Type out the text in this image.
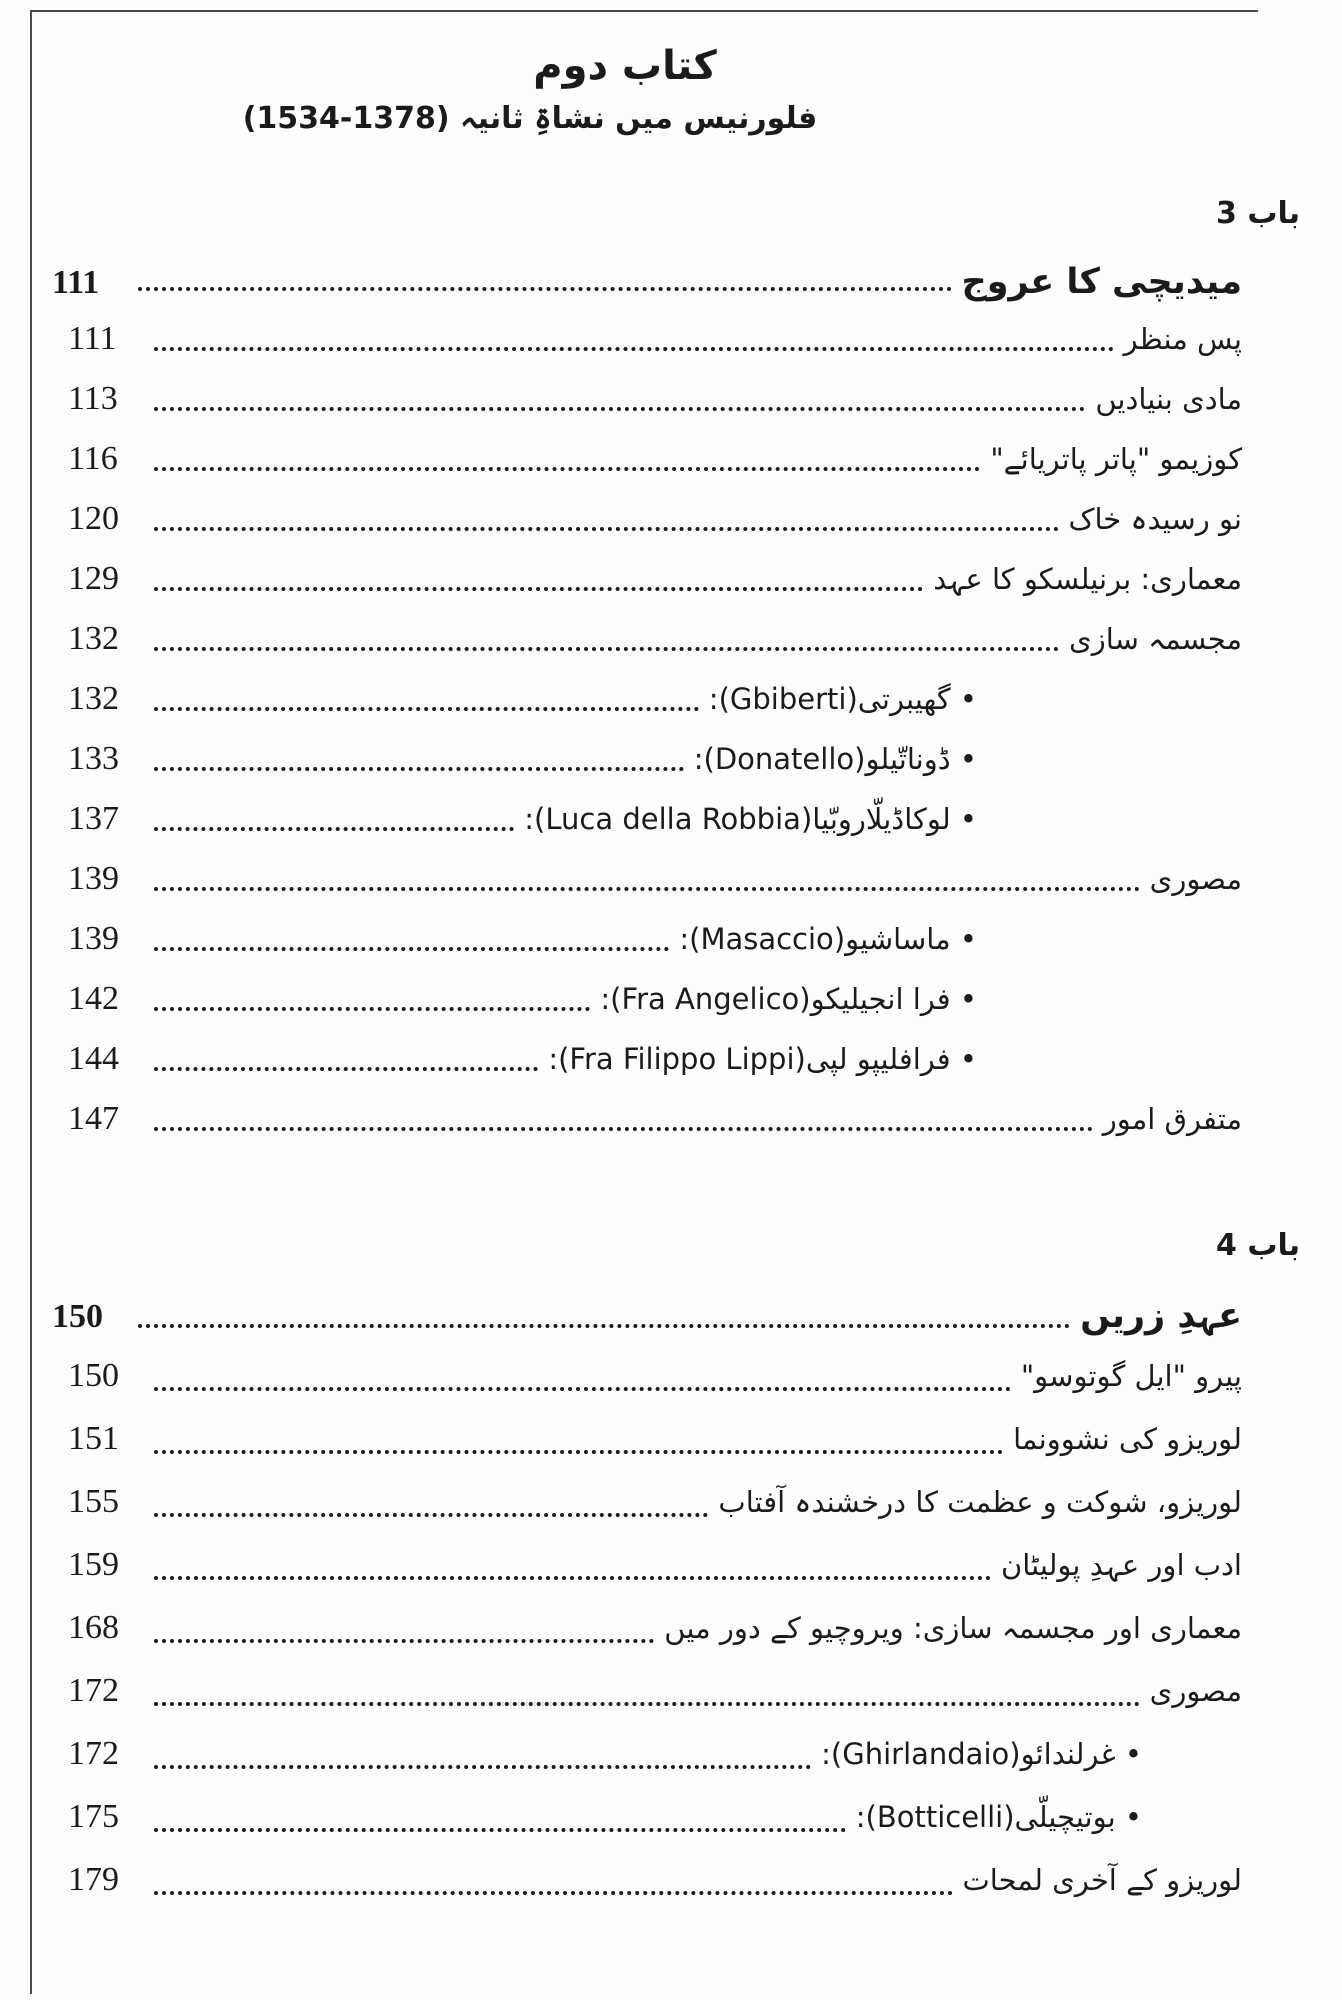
کتاب دوم
فلورنیس میں نشاۃِ ثانیہ (1378-1534)
باب 3
میدیچی کا عروج
111
پس منظر
111
مادی بنیادیں
113
کوزیمو "پاتر پاتریائے"
116
نو رسیدہ خاک
120
معماری: برنیلسکو کا عہد
129
مجسمہ سازی
132
• گھیبرتی(Gbiberti):
132
• ڈوناتّیلو(Donatello):
133
• لوکاڈیلّاروبّیا(Luca della Robbia):
137
مصوری
139
• ماساشیو(Masaccio):
139
• فرا انجیلیکو(Fra Angelico):
142
• فرافلیپو لپی(Fra Filippo Lippi):
144
متفرق امور
147
باب 4
عہدِ زریں
150
پیرو "ایل گوتوسو"
150
لوریزو کی نشوونما
151
لوریزو، شوکت و عظمت کا درخشندہ آفتاب
155
ادب اور عہدِ پولیٹان
159
معماری اور مجسمہ سازی: ویروچیو کے دور میں
168
مصوری
172
• غرلندائو(Ghirlandaio):
172
• بوتیچیلّی(Botticelli):
175
لوریزو کے آخری لمحات
179
